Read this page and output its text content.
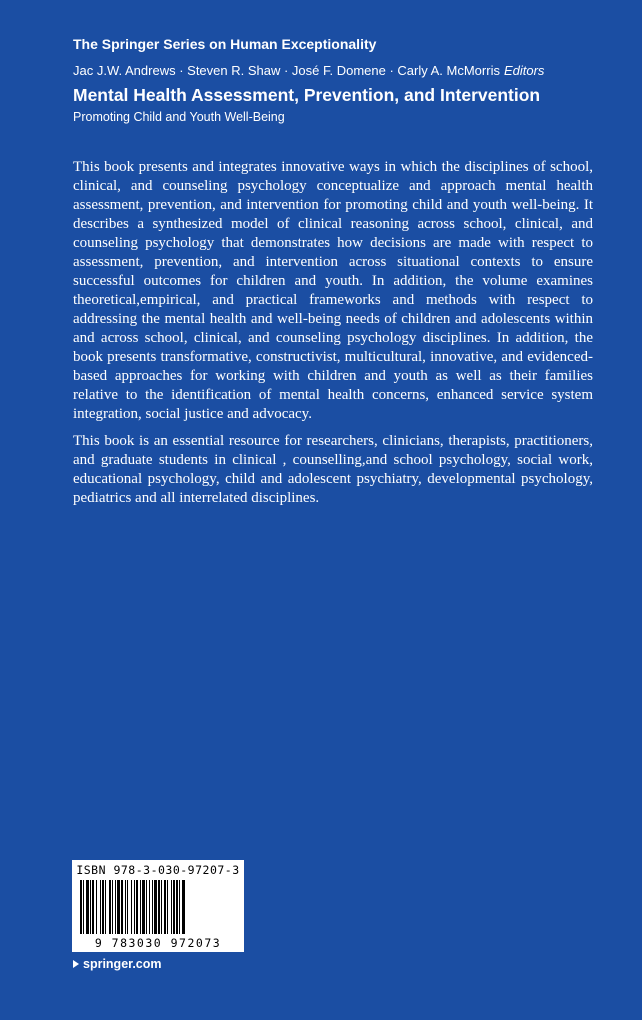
The Springer Series on Human Exceptionality
Jac J.W. Andrews · Steven R. Shaw · José F. Domene · Carly A. McMorris Editors
Mental Health Assessment, Prevention, and Intervention
Promoting Child and Youth Well-Being

This book presents and integrates innovative ways in which the disciplines of school, clinical, and counseling psychology conceptualize and approach mental health assessment, prevention, and intervention for promoting child and youth well-being. It describes a synthesized model of clinical reasoning across school, clinical, and counseling psychology that demonstrates how decisions are made with respect to assessment, prevention, and intervention across situational contexts to ensure successful outcomes for children and youth. In addition, the volume examines theoretical,empirical, and practical frameworks and methods with respect to addressing the mental health and well-being needs of children and adolescents within and across school, clinical, and counseling psychology disciplines. In addition, the book presents transformative, constructivist, multicultural, innovative, and evidenced-based approaches for working with children and youth as well as their families relative to the identification of mental health concerns, enhanced service system integration, social justice and advocacy.

This book is an essential resource for researchers, clinicians, therapists, practitioners, and graduate students in clinical , counselling,and school psychology, social work, educational psychology, child and adolescent psychiatry, developmental psychology, pediatrics and all interrelated disciplines.

ISBN 978-3-030-97207-3
9 783030 972073
springer.com
